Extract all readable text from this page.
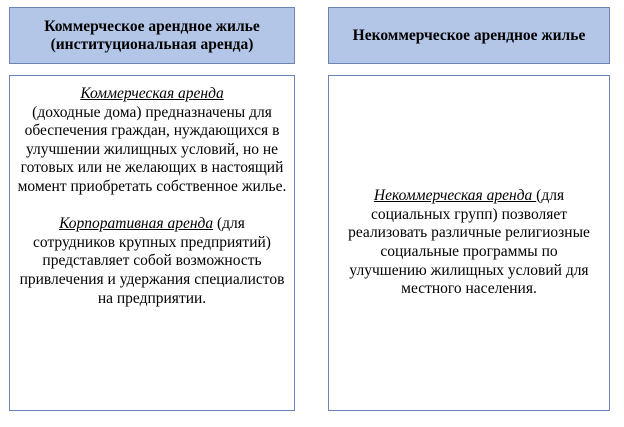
Коммерческое арендное жилье (институциональная аренда)
Некоммерческое арендное жилье

Коммерческая аренда
(доходные дома) предназначены для обеспечения граждан, нуждающихся в улучшении жилищных условий, но не готовых или не желающих в настоящий момент приобретать собственное жилье.

Корпоративная аренда (для сотрудников крупных предприятий) представляет собой возможность привлечения и удержания специалистов на предприятии.

Некоммерческая аренда (для социальных групп) позволяет реализовать различные религиозные социальные программы по улучшению жилищных условий для местного населения.
